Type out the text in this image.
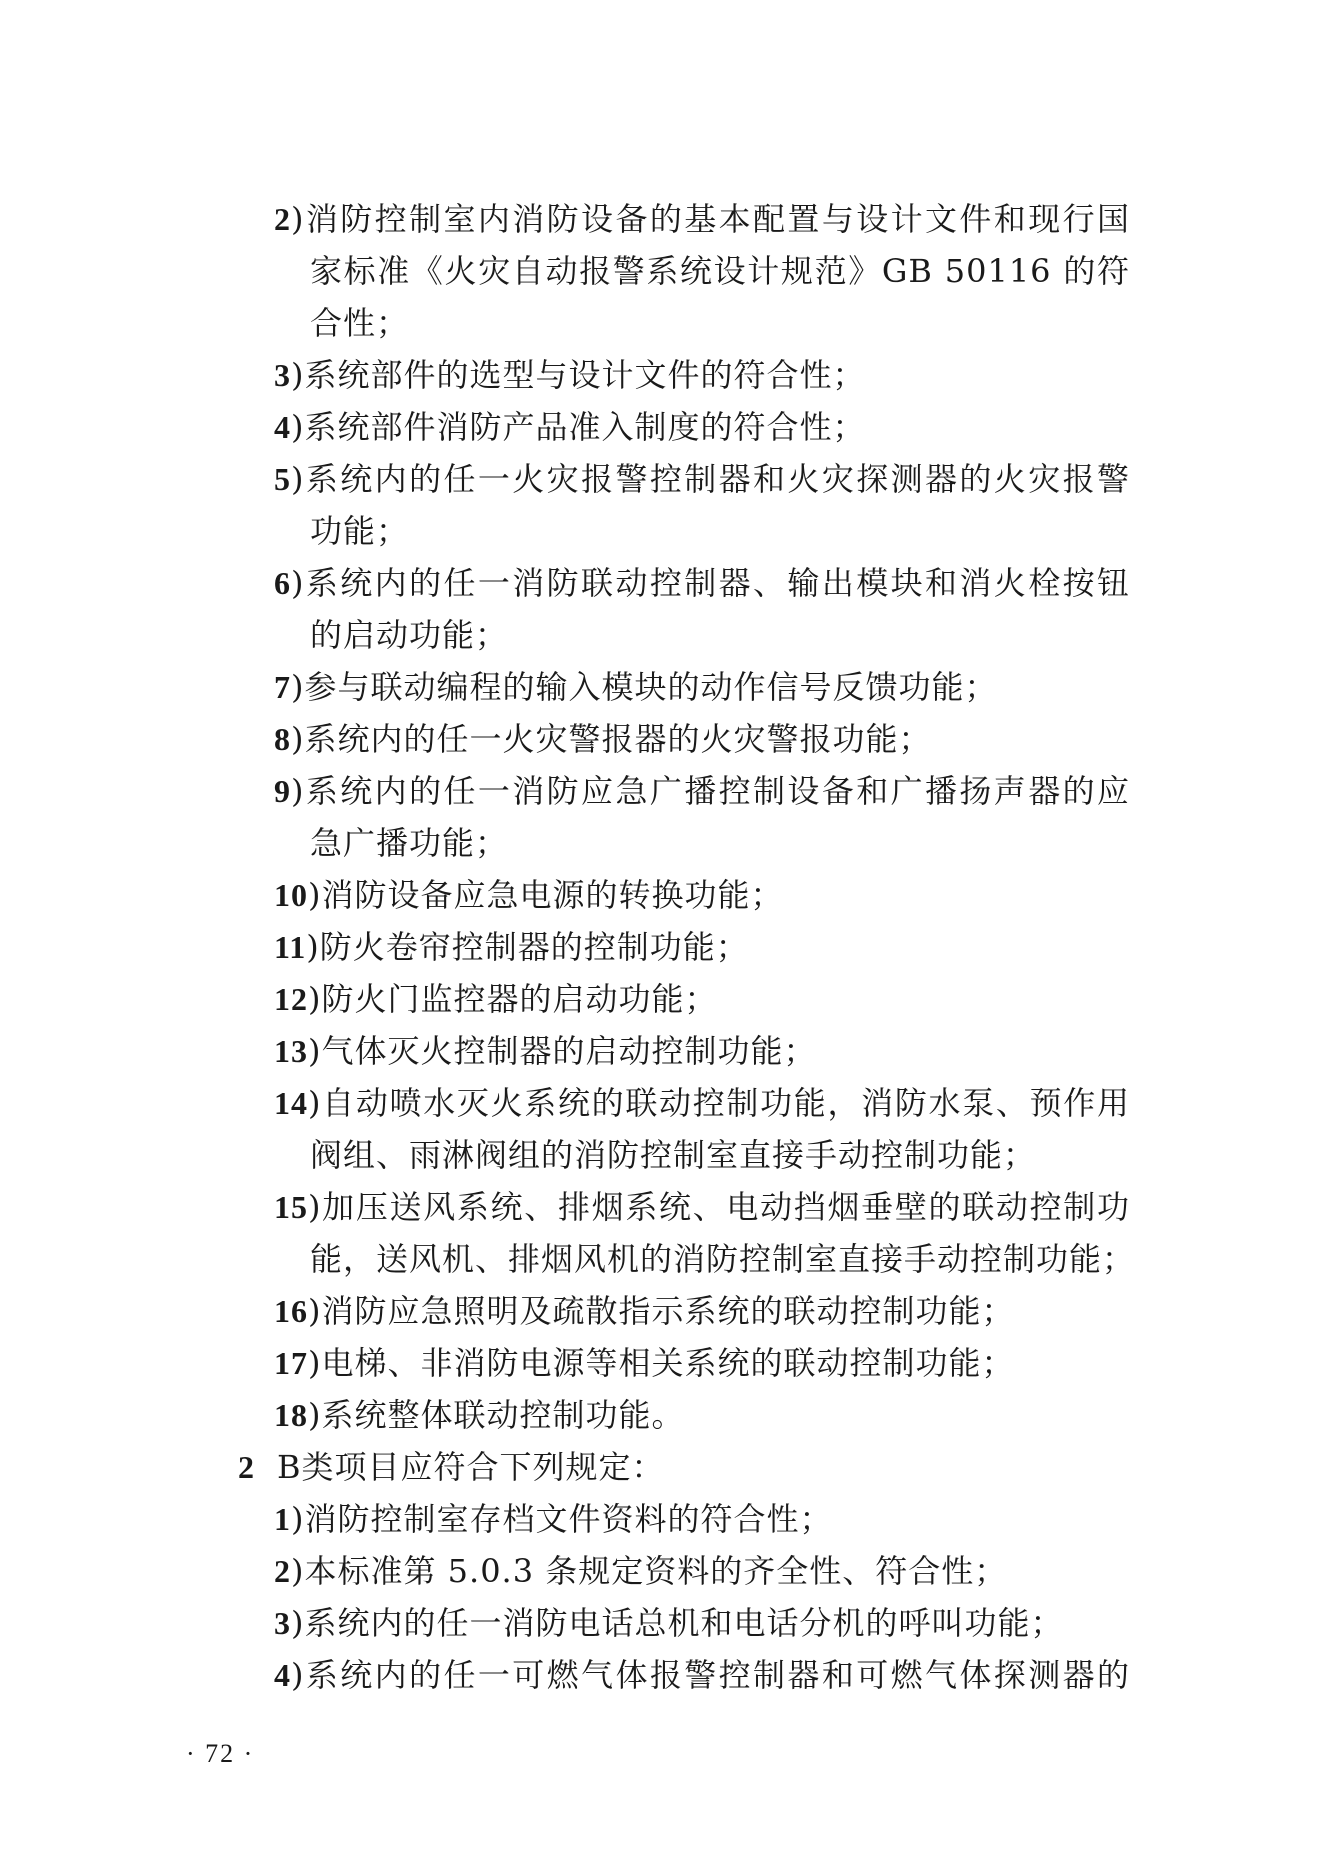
2)消防控制室内消防设备的基本配置与设计文件和现行国
家标准《火灾自动报警系统设计规范》GB 50116 的符
合性；
3)系统部件的选型与设计文件的符合性；
4)系统部件消防产品准入制度的符合性；
5)系统内的任一火灾报警控制器和火灾探测器的火灾报警
功能；
6)系统内的任一消防联动控制器、输出模块和消火栓按钮
的启动功能；
7)参与联动编程的输入模块的动作信号反馈功能；
8)系统内的任一火灾警报器的火灾警报功能；
9)系统内的任一消防应急广播控制设备和广播扬声器的应
急广播功能；
10)消防设备应急电源的转换功能；
11)防火卷帘控制器的控制功能；
12)防火门监控器的启动功能；
13)气体灭火控制器的启动控制功能；
14)自动喷水灭火系统的联动控制功能，消防水泵、预作用
阀组、雨淋阀组的消防控制室直接手动控制功能；
15)加压送风系统、排烟系统、电动挡烟垂壁的联动控制功
能，送风机、排烟风机的消防控制室直接手动控制功能；
16)消防应急照明及疏散指示系统的联动控制功能；
17)电梯、非消防电源等相关系统的联动控制功能；
18)系统整体联动控制功能。
2 B类项目应符合下列规定：
1)消防控制室存档文件资料的符合性；
2)本标准第 5.0.3 条规定资料的齐全性、符合性；
3)系统内的任一消防电话总机和电话分机的呼叫功能；
4)系统内的任一可燃气体报警控制器和可燃气体探测器的
· 72 ·
